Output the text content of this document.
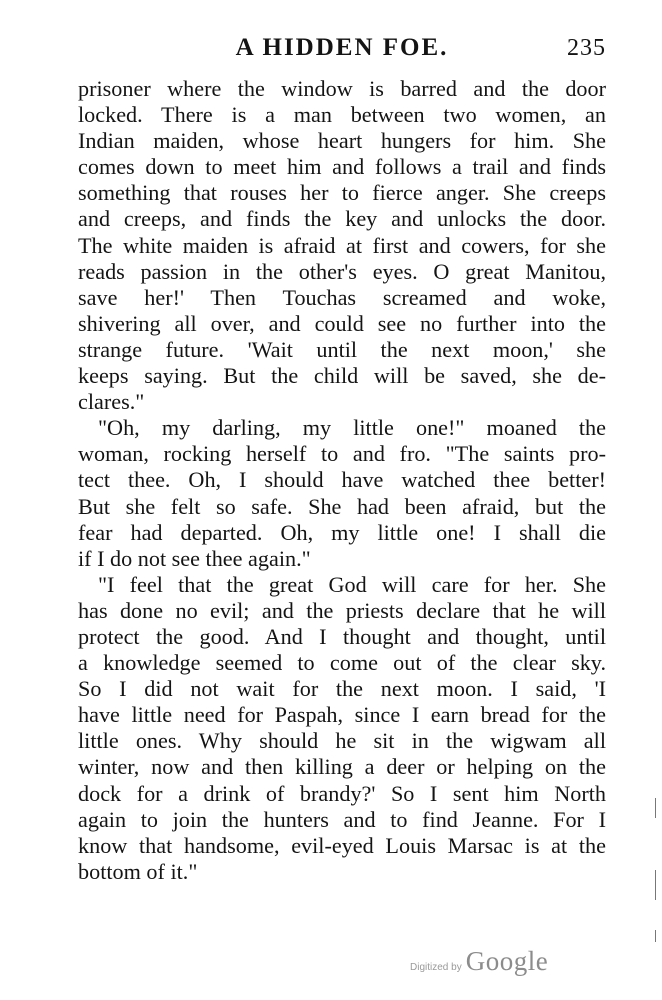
A HIDDEN FOE.	235
prisoner where the window is barred and the door
locked. There is a man between two women, an
Indian maiden, whose heart hungers for him. She
comes down to meet him and follows a trail and finds
something that rouses her to fierce anger. She creeps
and creeps, and finds the key and unlocks the door.
The white maiden is afraid at first and cowers, for she
reads passion in the other's eyes. O great Manitou,
save her!' Then Touchas screamed and woke,
shivering all over, and could see no further into the
strange future. 'Wait until the next moon,' she
keeps saying. But the child will be saved, she de-
clares."
"Oh, my darling, my little one!" moaned the
woman, rocking herself to and fro. "The saints pro-
tect thee. Oh, I should have watched thee better!
But she felt so safe. She had been afraid, but the
fear had departed. Oh, my little one! I shall die
if I do not see thee again."
"I feel that the great God will care for her. She
has done no evil; and the priests declare that he will
protect the good. And I thought and thought, until
a knowledge seemed to come out of the clear sky.
So I did not wait for the next moon. I said, 'I
have little need for Paspah, since I earn bread for the
little ones. Why should he sit in the wigwam all
winter, now and then killing a deer or helping on the
dock for a drink of brandy?' So I sent him North
again to join the hunters and to find Jeanne. For I
know that handsome, evil-eyed Louis Marsac is at the
bottom of it."
Digitized by Google
